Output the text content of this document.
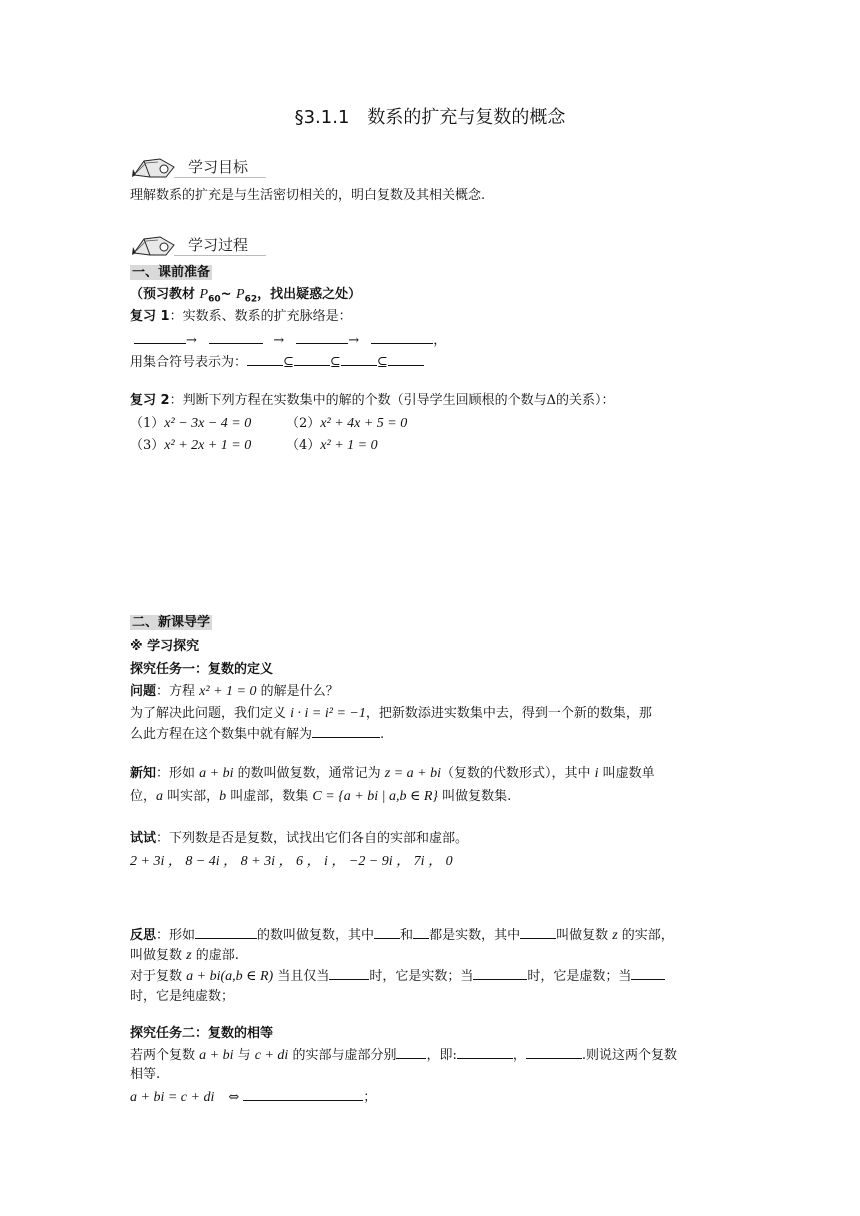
§3.1.1　数系的扩充与复数的概念
学习目标
理解数系的扩充是与生活密切相关的，明白复数及其相关概念.
学习过程
一、课前准备
（预习教材 $P_{60}\sim$ $P_{62}$，找出疑惑之处）
复习 1：实数系、数系的扩充脉络是：
→	→	→	，
用集合符号表示为：	⊆	⊆	⊆
复习 2：判断下列方程在实数集中的解的个数（引导学生回顾根的个数与Δ的关系）：
（1）x² − 3x − 4 = 0	（2）x² + 4x + 5 = 0
（3）x² + 2x + 1 = 0	（4）x² + 1 = 0
二、新课导学
※ 学习探究
探究任务一：复数的定义
问题：方程 x² + 1 = 0 的解是什么？
为了解决此问题，我们定义 i · i = i² = −1，把新数添进实数集中去，得到一个新的数集，那
么此方程在这个数集中就有解为	.
新知：形如 a + bi 的数叫做复数，通常记为 z = a + bi（复数的代数形式），其中 i 叫虚数单
位，a 叫实部，b 叫虚部，数集 C = {a + bi | a,b ∈ R} 叫做复数集.
试试：下列数是否是复数，试找出它们各自的实部和虚部。
2 + 3i ， 8 − 4i ， 8 + 3i ， 6 ， i ， −2 − 9i ， 7i ， 0
反思：形如	的数叫做复数，其中 和 都是实数，其中	叫做复数 z 的实部，
叫做复数 z 的虚部.
对于复数 a + bi(a,b ∈ R) 当且仅当	时，它是实数；当	时，它是虚数；当
时，它是纯虚数；
探究任务二：复数的相等
若两个复数 a + bi 与 c + di 的实部与虚部分别 ，即:	，	.则说这两个复数
相等.
a + bi = c + di ⇔	；
